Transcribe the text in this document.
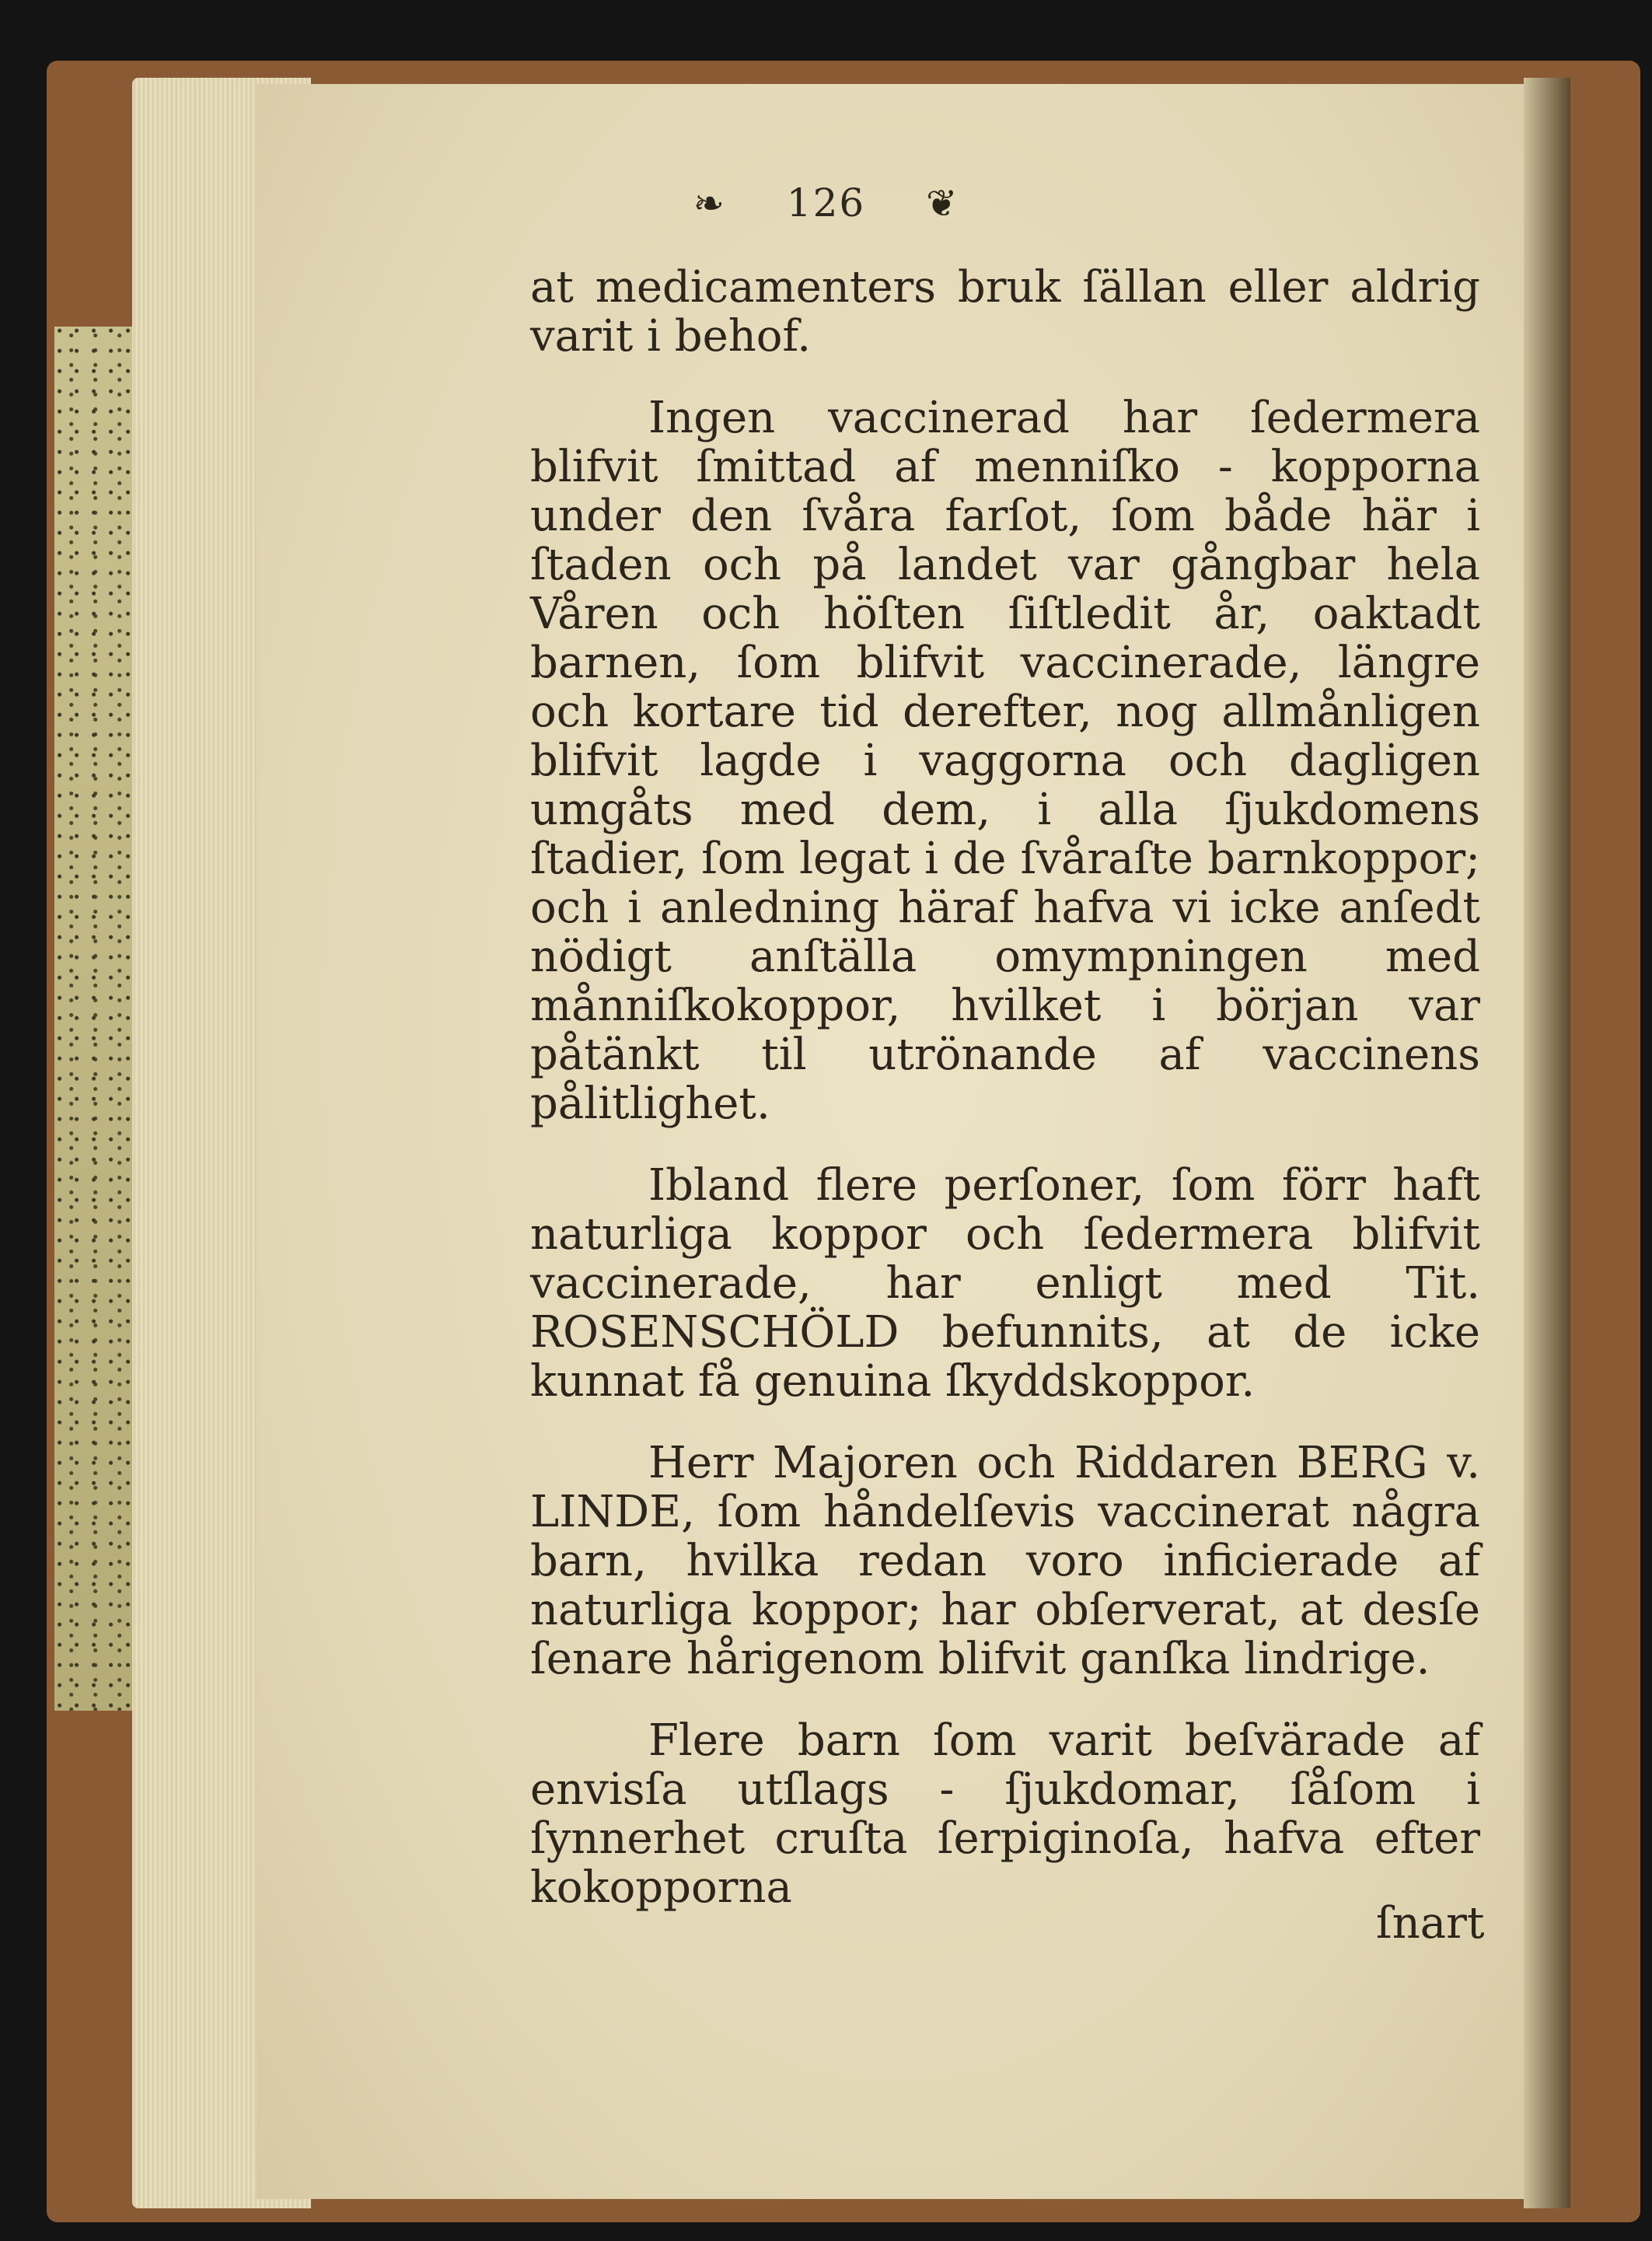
❧ 126 ❦

at medicamenters bruk ſällan eller aldrig varit i behof.

Ingen vaccinerad har ſedermera blifvit ſmittad af menniſko - kopporna under den ſvåra farſot, ſom både här i ſtaden och på landet var gångbar hela Våren och höſten ſiſtledit år, oaktadt barnen, ſom blifvit vaccinerade, längre och kortare tid derefter, nog allmånligen blifvit lagde i vaggorna och dagligen umgåts med dem, i alla ſjukdomens ſtadier, ſom legat i de ſvåraſte barnkoppor; och i anledning häraf hafva vi icke anſedt nödigt anſtälla omympningen med månniſkokoppor, hvilket i början var påtänkt til utrönande af vaccinens pålitlighet.

Ibland flere perſoner, ſom förr haft naturliga koppor och ſedermera blifvit vaccinerade, har enligt med Tit. ROSENSCHÖLD befunnits, at de icke kunnat få genuina ſkyddskoppor.

Herr Majoren och Riddaren BERG v. LINDE, ſom håndelſevis vaccinerat några barn, hvilka redan voro inficierade af naturliga koppor; har obſerverat, at desſe ſenare hårigenom blifvit ganſka lindrige.

Flere barn ſom varit beſvärade af envisſa utſlags - ſjukdomar, ſåſom i ſynnerhet cruſta ſerpiginoſa, hafva efter kokopporna

ſnart
